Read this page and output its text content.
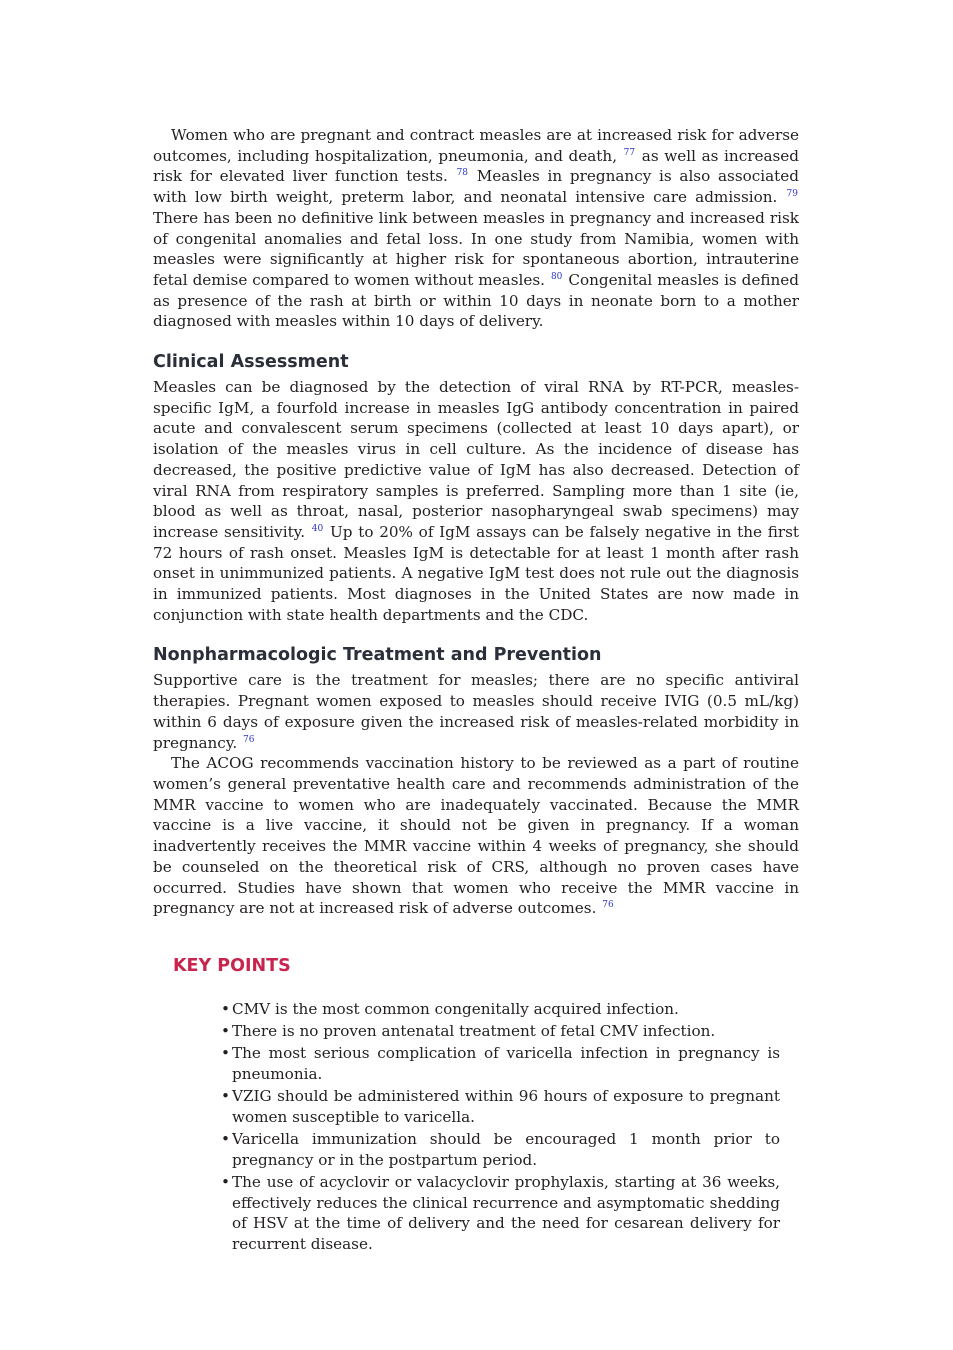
Women who are pregnant and contract measles are at increased risk for adverse outcomes, including hospitalization, pneumonia, and death, $^{77}$ as well as increased risk for elevated liver function tests. $^{78}$ Measles in pregnancy is also associated with low birth weight, preterm labor, and neonatal intensive care admission. $^{79}$ There has been no definitive link between measles in pregnancy and increased risk of congenital anomalies and fetal loss. In one study from Namibia, women with measles were significantly at higher risk for spontaneous abortion, intrauterine fetal demise compared to women without measles. $^{80}$ Congenital measles is defined as presence of the rash at birth or within 10 days in neonate born to a mother diagnosed with measles within 10 days of delivery.

Clinical Assessment

Measles can be diagnosed by the detection of viral RNA by RT-PCR, measles-specific IgM, a fourfold increase in measles IgG antibody concentration in paired acute and convalescent serum specimens (collected at least 10 days apart), or isolation of the measles virus in cell culture. As the incidence of disease has decreased, the positive predictive value of IgM has also decreased. Detection of viral RNA from respiratory samples is preferred. Sampling more than 1 site (ie, blood as well as throat, nasal, posterior nasopharyngeal swab specimens) may increase sensitivity. $^{40}$ Up to 20% of IgM assays can be falsely negative in the first 72 hours of rash onset. Measles IgM is detectable for at least 1 month after rash onset in unimmunized patients. A negative IgM test does not rule out the diagnosis in immunized patients. Most diagnoses in the United States are now made in conjunction with state health departments and the CDC.

Nonpharmacologic Treatment and Prevention

Supportive care is the treatment for measles; there are no specific antiviral therapies. Pregnant women exposed to measles should receive IVIG (0.5 mL/kg) within 6 days of exposure given the increased risk of measles-related morbidity in pregnancy. $^{76}$

The ACOG recommends vaccination history to be reviewed as a part of routine women’s general preventative health care and recommends administration of the MMR vaccine to women who are inadequately vaccinated. Because the MMR vaccine is a live vaccine, it should not be given in pregnancy. If a woman inadvertently receives the MMR vaccine within 4 weeks of pregnancy, she should be counseled on the theoretical risk of CRS, although no proven cases have occurred. Studies have shown that women who receive the MMR vaccine in pregnancy are not at increased risk of adverse outcomes. $^{76}$

KEY POINTS
• CMV is the most common congenitally acquired infection.
• There is no proven antenatal treatment of fetal CMV infection.
• The most serious complication of varicella infection in pregnancy is pneumonia.
• VZIG should be administered within 96 hours of exposure to pregnant women susceptible to varicella.
• Varicella immunization should be encouraged 1 month prior to pregnancy or in the postpartum period.
• The use of acyclovir or valacyclovir prophylaxis, starting at 36 weeks, effectively reduces the clinical recurrence and asymptomatic shedding of HSV at the time of delivery and the need for cesarean delivery for recurrent disease.
